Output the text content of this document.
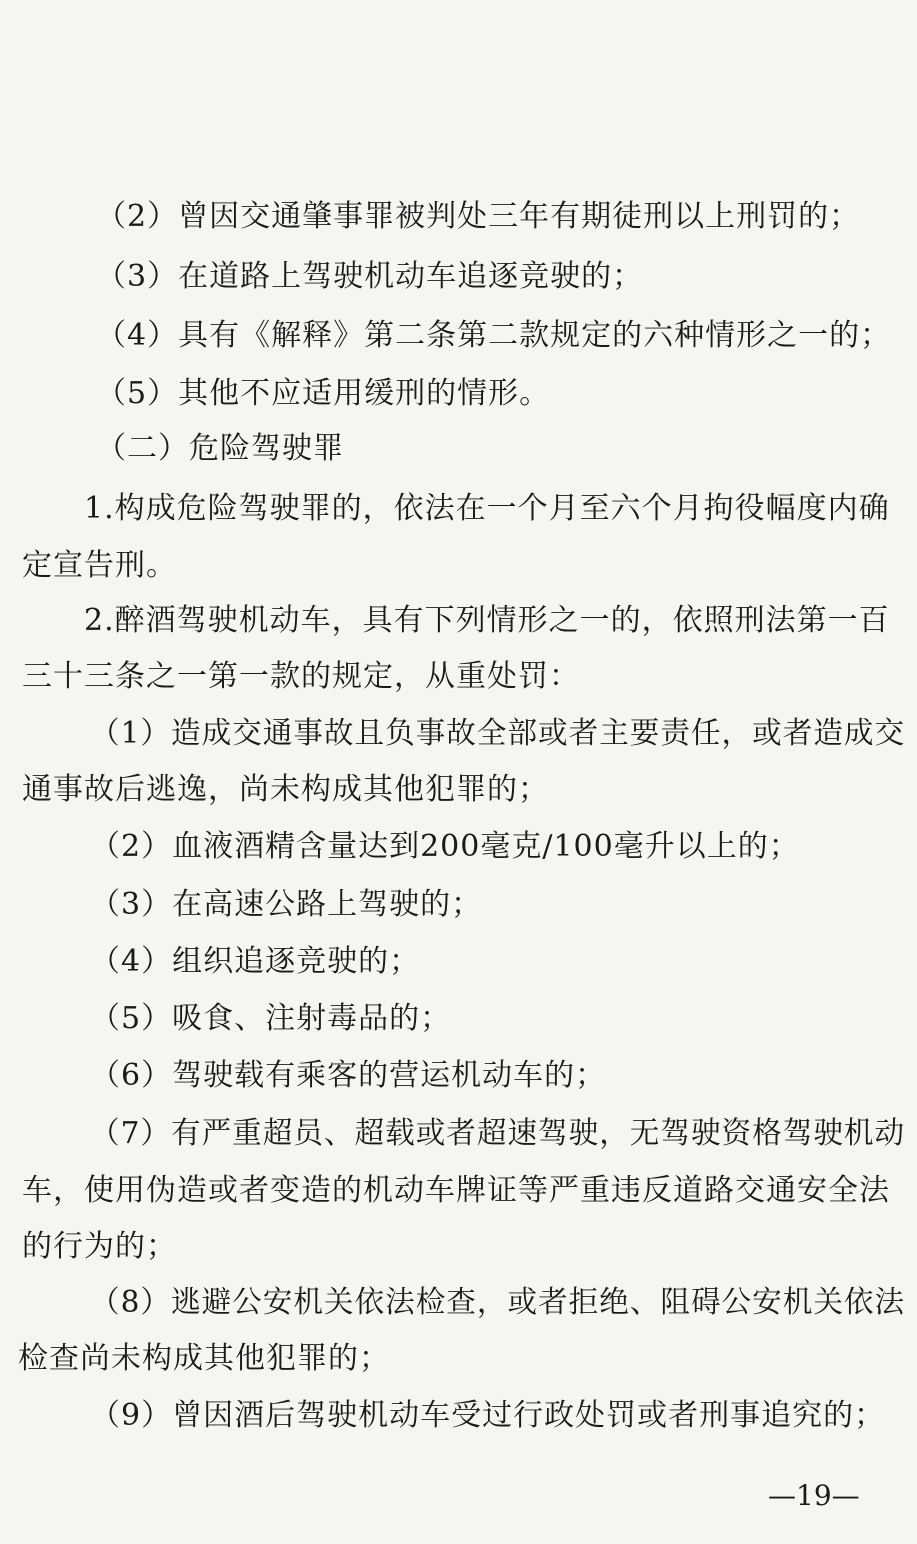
（2）曾因交通肇事罪被判处三年有期徒刑以上刑罚的；
（3）在道路上驾驶机动车追逐竞驶的；
（4）具有《解释》第二条第二款规定的六种情形之一的；
（5）其他不应适用缓刑的情形。
（二）危险驾驶罪
1.构成危险驾驶罪的，依法在一个月至六个月拘役幅度内确
定宣告刑。
2.醉酒驾驶机动车，具有下列情形之一的，依照刑法第一百
三十三条之一第一款的规定，从重处罚：
（1）造成交通事故且负事故全部或者主要责任，或者造成交
通事故后逃逸，尚未构成其他犯罪的；
（2）血液酒精含量达到200毫克/100毫升以上的；
（3）在高速公路上驾驶的；
（4）组织追逐竞驶的；
（5）吸食、注射毒品的；
（6）驾驶载有乘客的营运机动车的；
（7）有严重超员、超载或者超速驾驶，无驾驶资格驾驶机动
车，使用伪造或者变造的机动车牌证等严重违反道路交通安全法
的行为的；
（8）逃避公安机关依法检查，或者拒绝、阻碍公安机关依法
检查尚未构成其他犯罪的；
（9）曾因酒后驾驶机动车受过行政处罚或者刑事追究的；
—19—
